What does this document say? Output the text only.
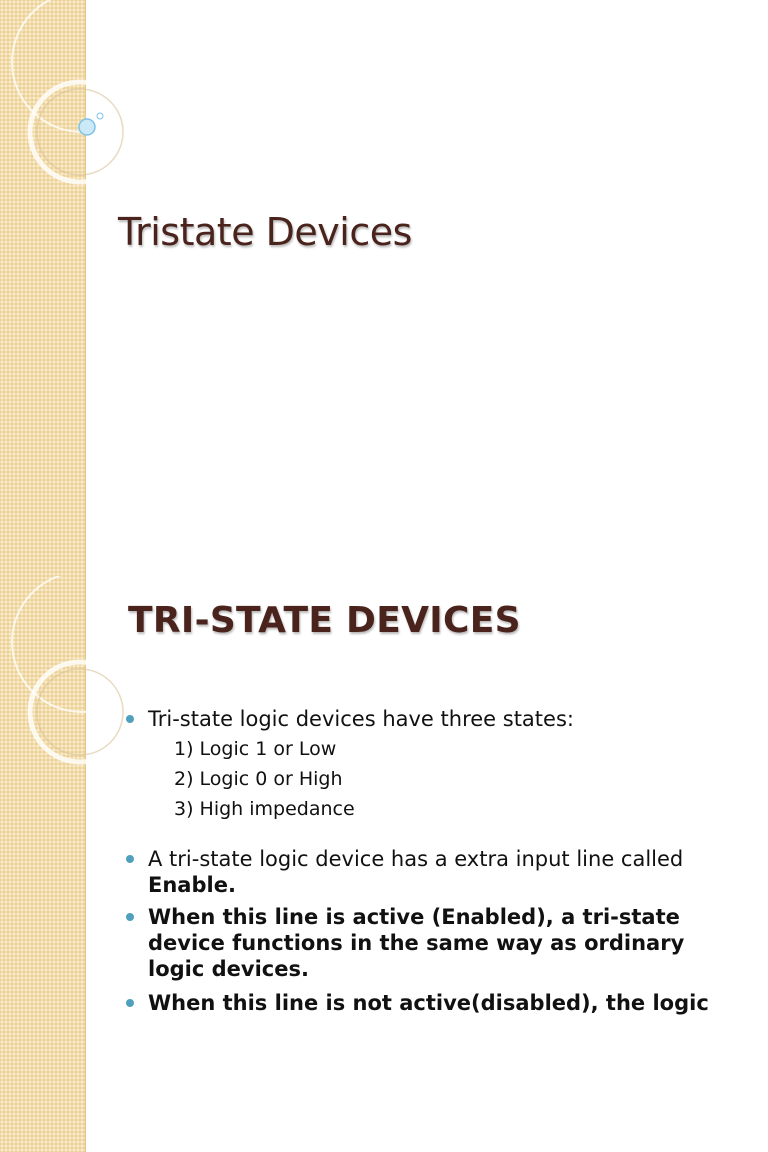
Tristate Devices
TRI-STATE DEVICES
Tri-state logic devices have three states:
1) Logic 1 or Low
2) Logic 0 or High
3) High impedance
A tri-state logic device has a extra input line called
Enable.
When this line is active (Enabled), a tri-state device functions in the same way as ordinary logic devices.
When this line is not active(disabled), the logic
